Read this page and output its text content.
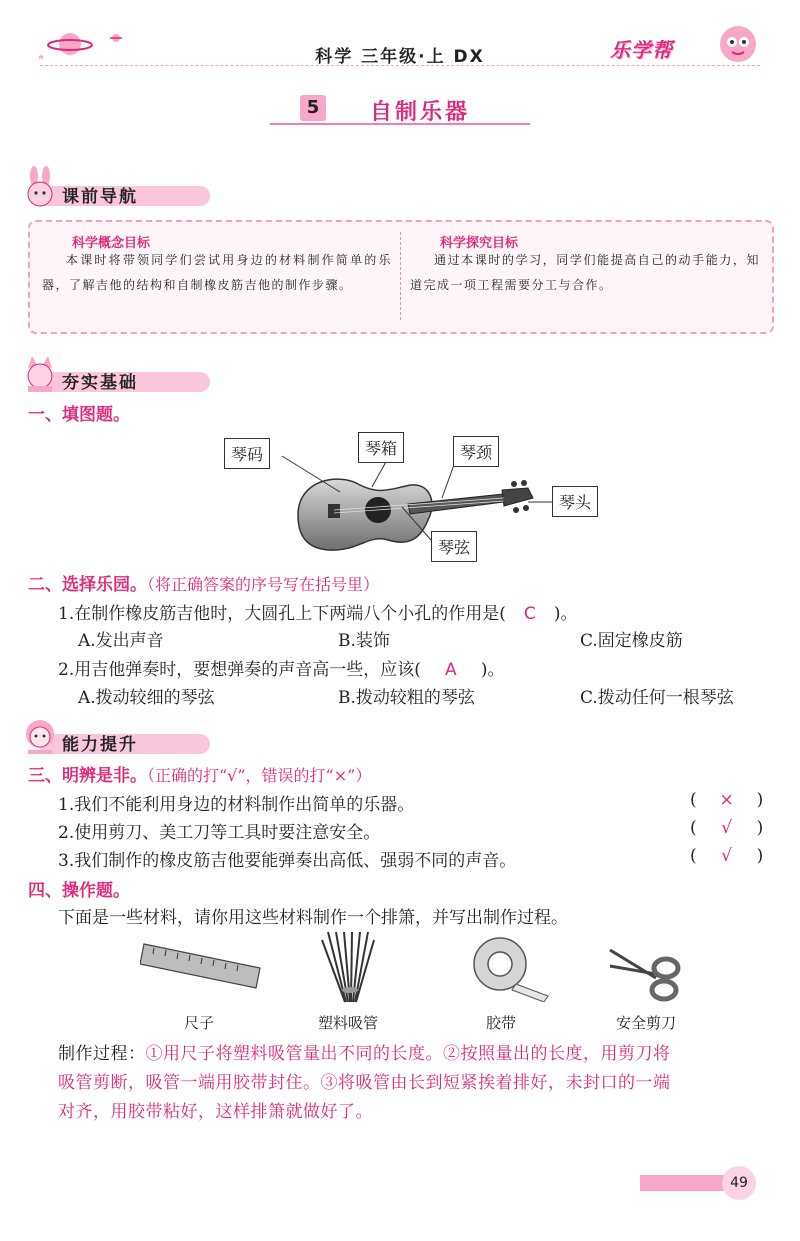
科学 三年级·上 DX	乐学帮
5	自制乐器
课前导航
科学概念目标
本课时将带领同学们尝试用身边的材料制作简单的乐器，了解吉他的结构和自制橡皮筋吉他的制作步骤。
科学探究目标
通过本课时的学习，同学们能提高自己的动手能力，知道完成一项工程需要分工与合作。
夯实基础
一、填图题。
琴码	琴箱	琴颈
琴头
琴弦
二、选择乐园。（将正确答案的序号写在括号里）
1.在制作橡皮筋吉他时，大圆孔上下两端八个小孔的作用是( C )。
A.发出声音	B.装饰	C.固定橡皮筋
2.用吉他弹奏时，要想弹奏的声音高一些，应该( A )。
A.拨动较细的琴弦	B.拨动较粗的琴弦	C.拨动任何一根琴弦
能力提升
三、明辨是非。（正确的打“√”，错误的打“×”）
1.我们不能利用身边的材料制作出简单的乐器。	( × )
2.使用剪刀、美工刀等工具时要注意安全。	( √ )
3.我们制作的橡皮筋吉他要能弹奏出高低、强弱不同的声音。	( √ )
四、操作题。
下面是一些材料，请你用这些材料制作一个排箫，并写出制作过程。
尺子	塑料吸管	胶带	安全剪刀
制作过程：①用尺子将塑料吸管量出不同的长度。②按照量出的长度，用剪刀将
吸管剪断，吸管一端用胶带封住。③将吸管由长到短紧挨着排好，未封口的一端
对齐，用胶带粘好，这样排箫就做好了。
49
